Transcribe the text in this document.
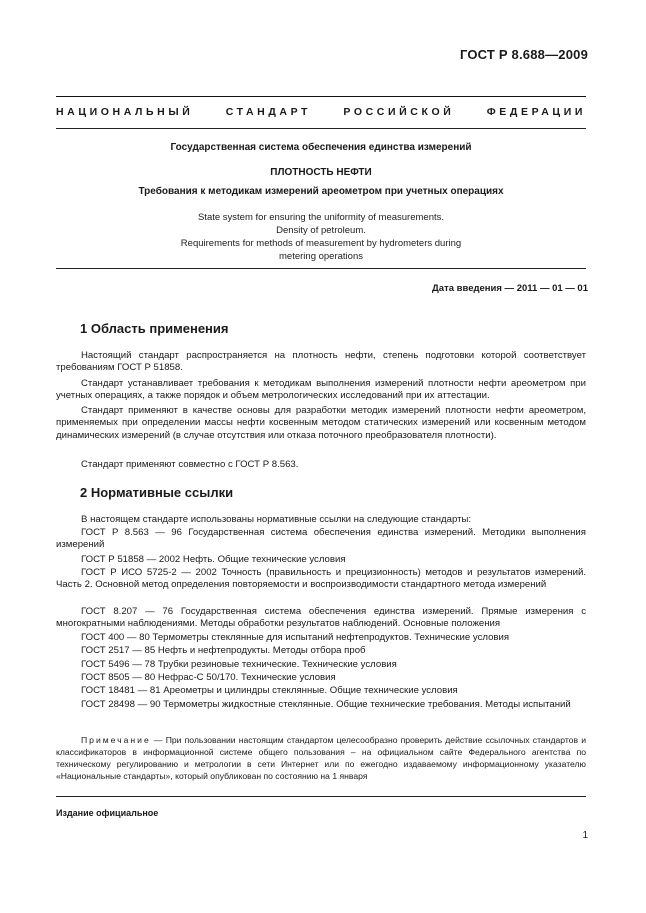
ГОСТ Р 8.688—2009
НАЦИОНАЛЬНЫЙ СТАНДАРТ РОССИЙСКОЙ ФЕДЕРАЦИИ
Государственная система обеспечения единства измерений
ПЛОТНОСТЬ НЕФТИ
Требования к методикам измерений ареометром при учетных операциях
State system for ensuring the uniformity of measurements.
Density of petroleum.
Requirements for methods of measurement by hydrometers during
metering operations
Дата введения — 2011 — 01 — 01
1 Область применения
Настоящий стандарт распространяется на плотность нефти, степень подготовки которой соответствует требованиям ГОСТ Р 51858.
Стандарт устанавливает требования к методикам выполнения измерений плотности нефти ареометром при учетных операциях, а также порядок и объем метрологических исследований при их аттестации.
Стандарт применяют в качестве основы для разработки методик измерений плотности нефти ареометром, применяемых при определении массы нефти косвенным методом статических измерений или косвенным методом динамических измерений (в случае отсутствия или отказа поточного преобразователя плотности).
Стандарт применяют совместно с ГОСТ Р 8.563.
2 Нормативные ссылки
В настоящем стандарте использованы нормативные ссылки на следующие стандарты:
ГОСТ Р 8.563 — 96 Государственная система обеспечения единства измерений. Методики выполнения измерений
ГОСТ Р 51858 — 2002 Нефть. Общие технические условия
ГОСТ Р ИСО 5725-2 — 2002 Точность (правильность и прецизионность) методов и результатов измерений. Часть 2. Основной метод определения повторяемости и воспроизводимости стандартного метода измерений
ГОСТ 8.207 — 76 Государственная система обеспечения единства измерений. Прямые измерения с многократными наблюдениями. Методы обработки результатов наблюдений. Основные положения
ГОСТ 400 — 80 Термометры стеклянные для испытаний нефтепродуктов. Технические условия
ГОСТ 2517 — 85 Нефть и нефтепродукты. Методы отбора проб
ГОСТ 5496 — 78 Трубки резиновые технические. Технические условия
ГОСТ 8505 — 80 Нефрас-С 50/170. Технические условия
ГОСТ 18481 — 81 Ареометры и цилиндры стеклянные. Общие технические условия
ГОСТ 28498 — 90 Термометры жидкостные стеклянные. Общие технические требования. Методы испытаний
Примечание — При пользовании настоящим стандартом целесообразно проверить действие ссылочных стандартов и классификаторов в информационной системе общего пользования – на официальном сайте Федерального агентства по техническому регулированию и метрологии в сети Интернет или по ежегодно издаваемому информационному указателю «Национальные стандарты», который опубликован по состоянию на 1 января
Издание официальное
1
